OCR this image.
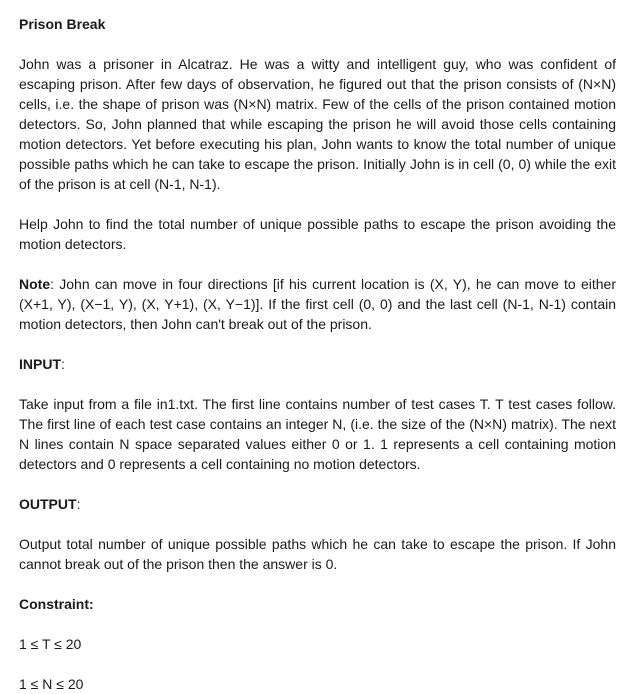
Prison Break

John was a prisoner in Alcatraz. He was a witty and intelligent guy, who was confident of escaping prison. After few days of observation, he figured out that the prison consists of (N×N) cells, i.e. the shape of prison was (N×N) matrix. Few of the cells of the prison contained motion detectors. So, John planned that while escaping the prison he will avoid those cells containing motion detectors. Yet before executing his plan, John wants to know the total number of unique possible paths which he can take to escape the prison. Initially John is in cell (0, 0) while the exit of the prison is at cell (N-1, N-1).

Help John to find the total number of unique possible paths to escape the prison avoiding the motion detectors.

Note: John can move in four directions [if his current location is (X, Y), he can move to either (X+1, Y), (X−1, Y), (X, Y+1), (X, Y−1)]. If the first cell (0, 0) and the last cell (N-1, N-1) contain motion detectors, then John can't break out of the prison.

INPUT:

Take input from a file in1.txt. The first line contains number of test cases T. T test cases follow. The first line of each test case contains an integer N, (i.e. the size of the (N×N) matrix). The next N lines contain N space separated values either 0 or 1. 1 represents a cell containing motion detectors and 0 represents a cell containing no motion detectors.

OUTPUT:

Output total number of unique possible paths which he can take to escape the prison. If John cannot break out of the prison then the answer is 0.

Constraint:
1 ≤ T ≤ 20
1 ≤ N ≤ 20
